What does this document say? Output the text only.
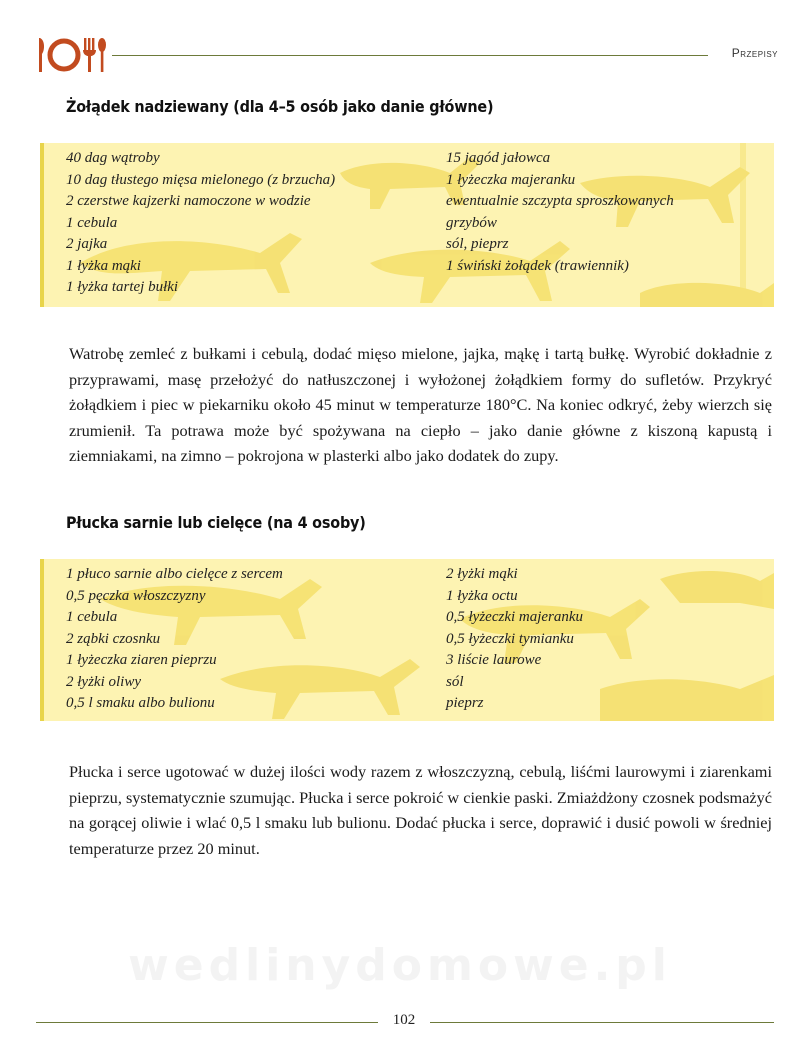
Przepisy
Żołądek nadziewany (dla 4–5 osób jako danie główne)
40 dag wątroby
10 dag tłustego mięsa mielonego (z brzucha)
2 czerstwe kajzerki namoczone w wodzie
1 cebula
2 jajka
1 łyżka mąki
1 łyżka tartej bułki
15 jagód jałowca
1 łyżeczka majeranku
ewentualnie szczypta sproszkowanych
grzybów
sól, pieprz
1 świński żołądek (trawiennik)
Watrobę zemleć z bułkami i cebulą, dodać mięso mielone, jajka, mąkę i tartą bułkę. Wyrobić dokładnie z przyprawami, masę przełożyć do natłuszczonej i wyłożonej żołądkiem formy do sufletów. Przykryć żołądkiem i piec w piekarniku około 45 minut w temperaturze 180°C. Na koniec odkryć, żeby wierzch się zrumienił. Ta potrawa może być spożywana na ciepło – jako danie główne z kiszoną kapustą i ziemniakami, na zimno – pokrojona w plasterki albo jako dodatek do zupy.
Płucka sarnie lub cielęce (na 4 osoby)
1 płuco sarnie albo cielęce z sercem
0,5 pęczka włoszczyzny
1 cebula
2 ząbki czosnku
1 łyżeczka ziaren pieprzu
2 łyżki oliwy
0,5 l smaku albo bulionu
2 łyżki mąki
1 łyżka octu
0,5 łyżeczki majeranku
0,5 łyżeczki tymianku
3 liście laurowe
sól
pieprz
Płucka i serce ugotować w dużej ilości wody razem z włoszczyzną, cebulą, liśćmi laurowymi i ziarenkami pieprzu, systematycznie szumując. Płucka i serce pokroić w cienkie paski. Zmiażdżony czosnek podsmażyć na gorącej oliwie i wlać 0,5 l smaku lub bulionu. Dodać płucka i serce, doprawić i dusić powoli w średniej temperaturze przez 20 minut.
wedlinydomowe.pl
102
